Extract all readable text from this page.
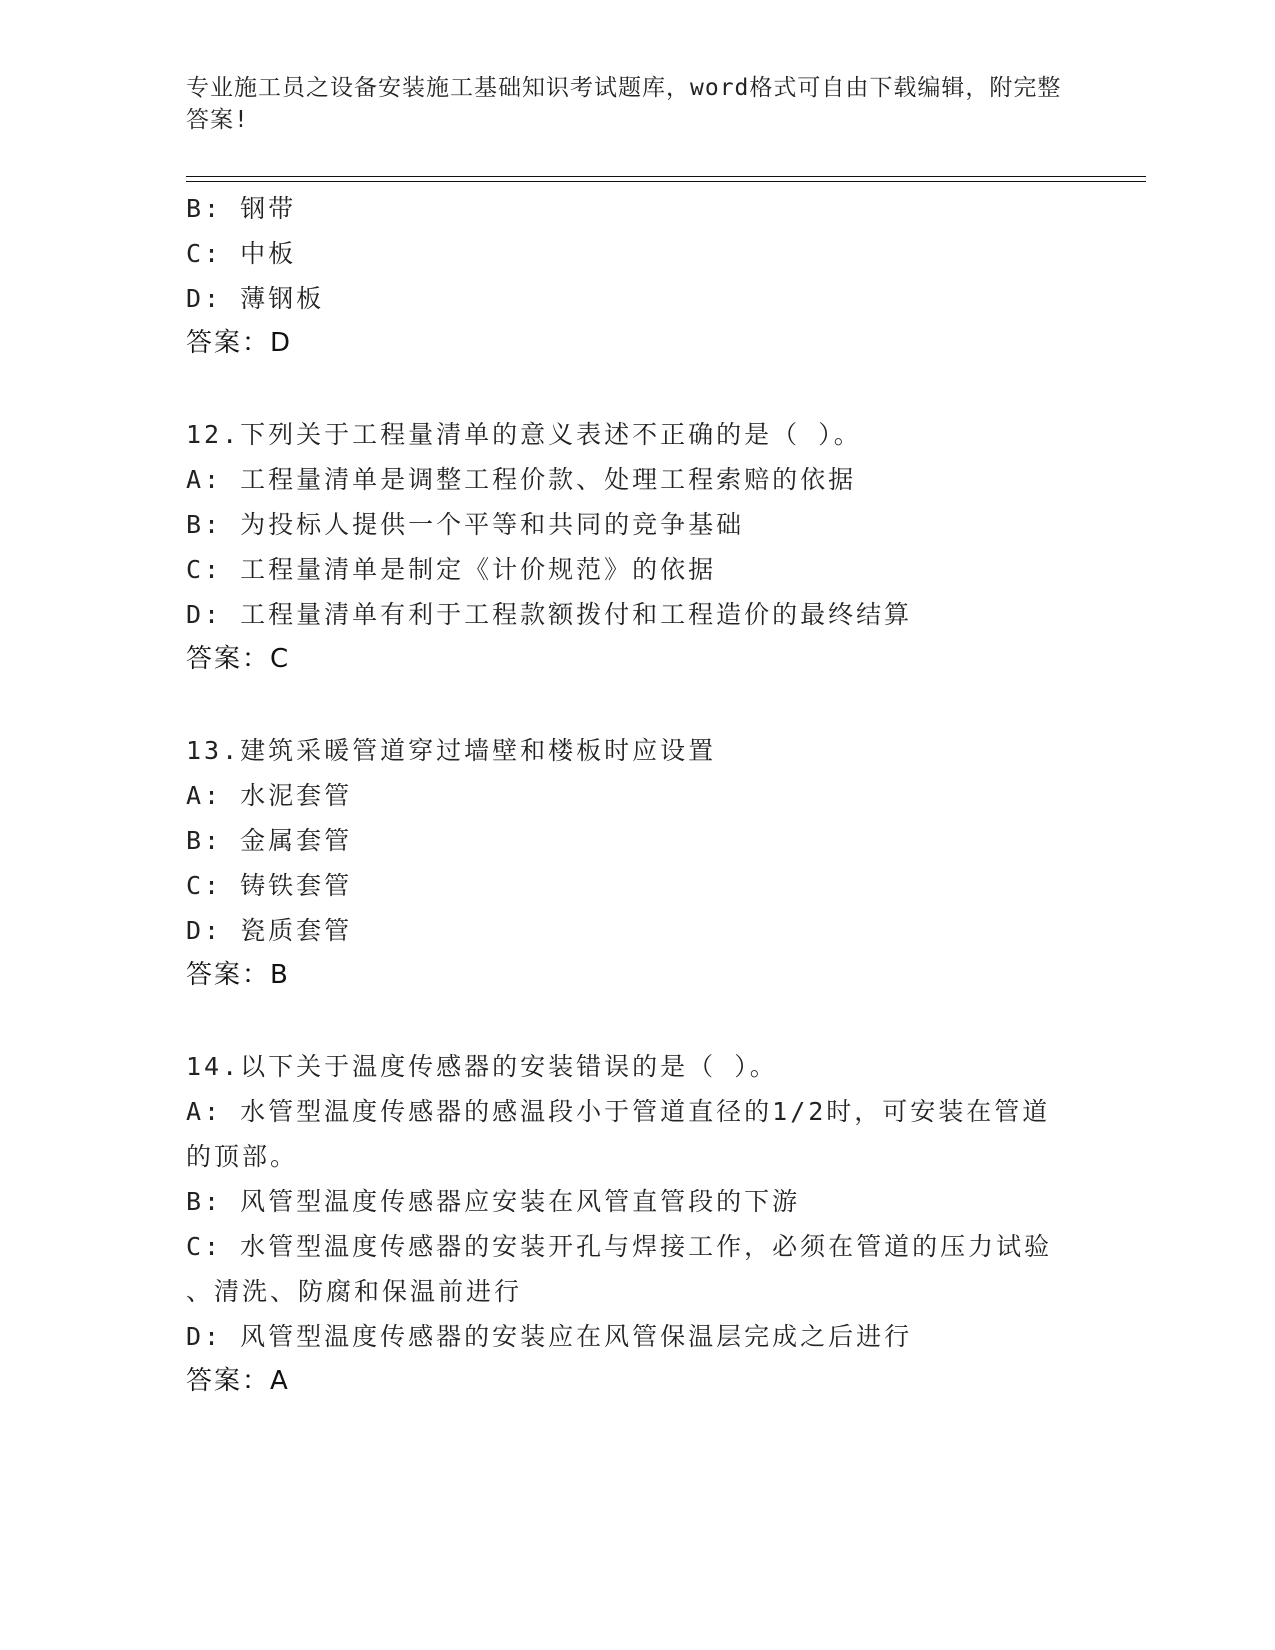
专业施工员之设备安装施工基础知识考试题库，word格式可自由下载编辑，附完整答案!
B: 钢带
C: 中板
D: 薄钢板
答案：D
12.下列关于工程量清单的意义表述不正确的是（ ）。
A: 工程量清单是调整工程价款、处理工程索赔的依据
B: 为投标人提供一个平等和共同的竞争基础
C: 工程量清单是制定《计价规范》的依据
D: 工程量清单有利于工程款额拨付和工程造价的最终结算
答案：C
13.建筑采暖管道穿过墙壁和楼板时应设置
A: 水泥套管
B: 金属套管
C: 铸铁套管
D: 瓷质套管
答案：B
14.以下关于温度传感器的安装错误的是（ ）。
A: 水管型温度传感器的感温段小于管道直径的1/2时，可安装在管道
的顶部。
B: 风管型温度传感器应安装在风管直管段的下游
C: 水管型温度传感器的安装开孔与焊接工作，必须在管道的压力试验
、清洗、防腐和保温前进行
D: 风管型温度传感器的安装应在风管保温层完成之后进行
答案：A
